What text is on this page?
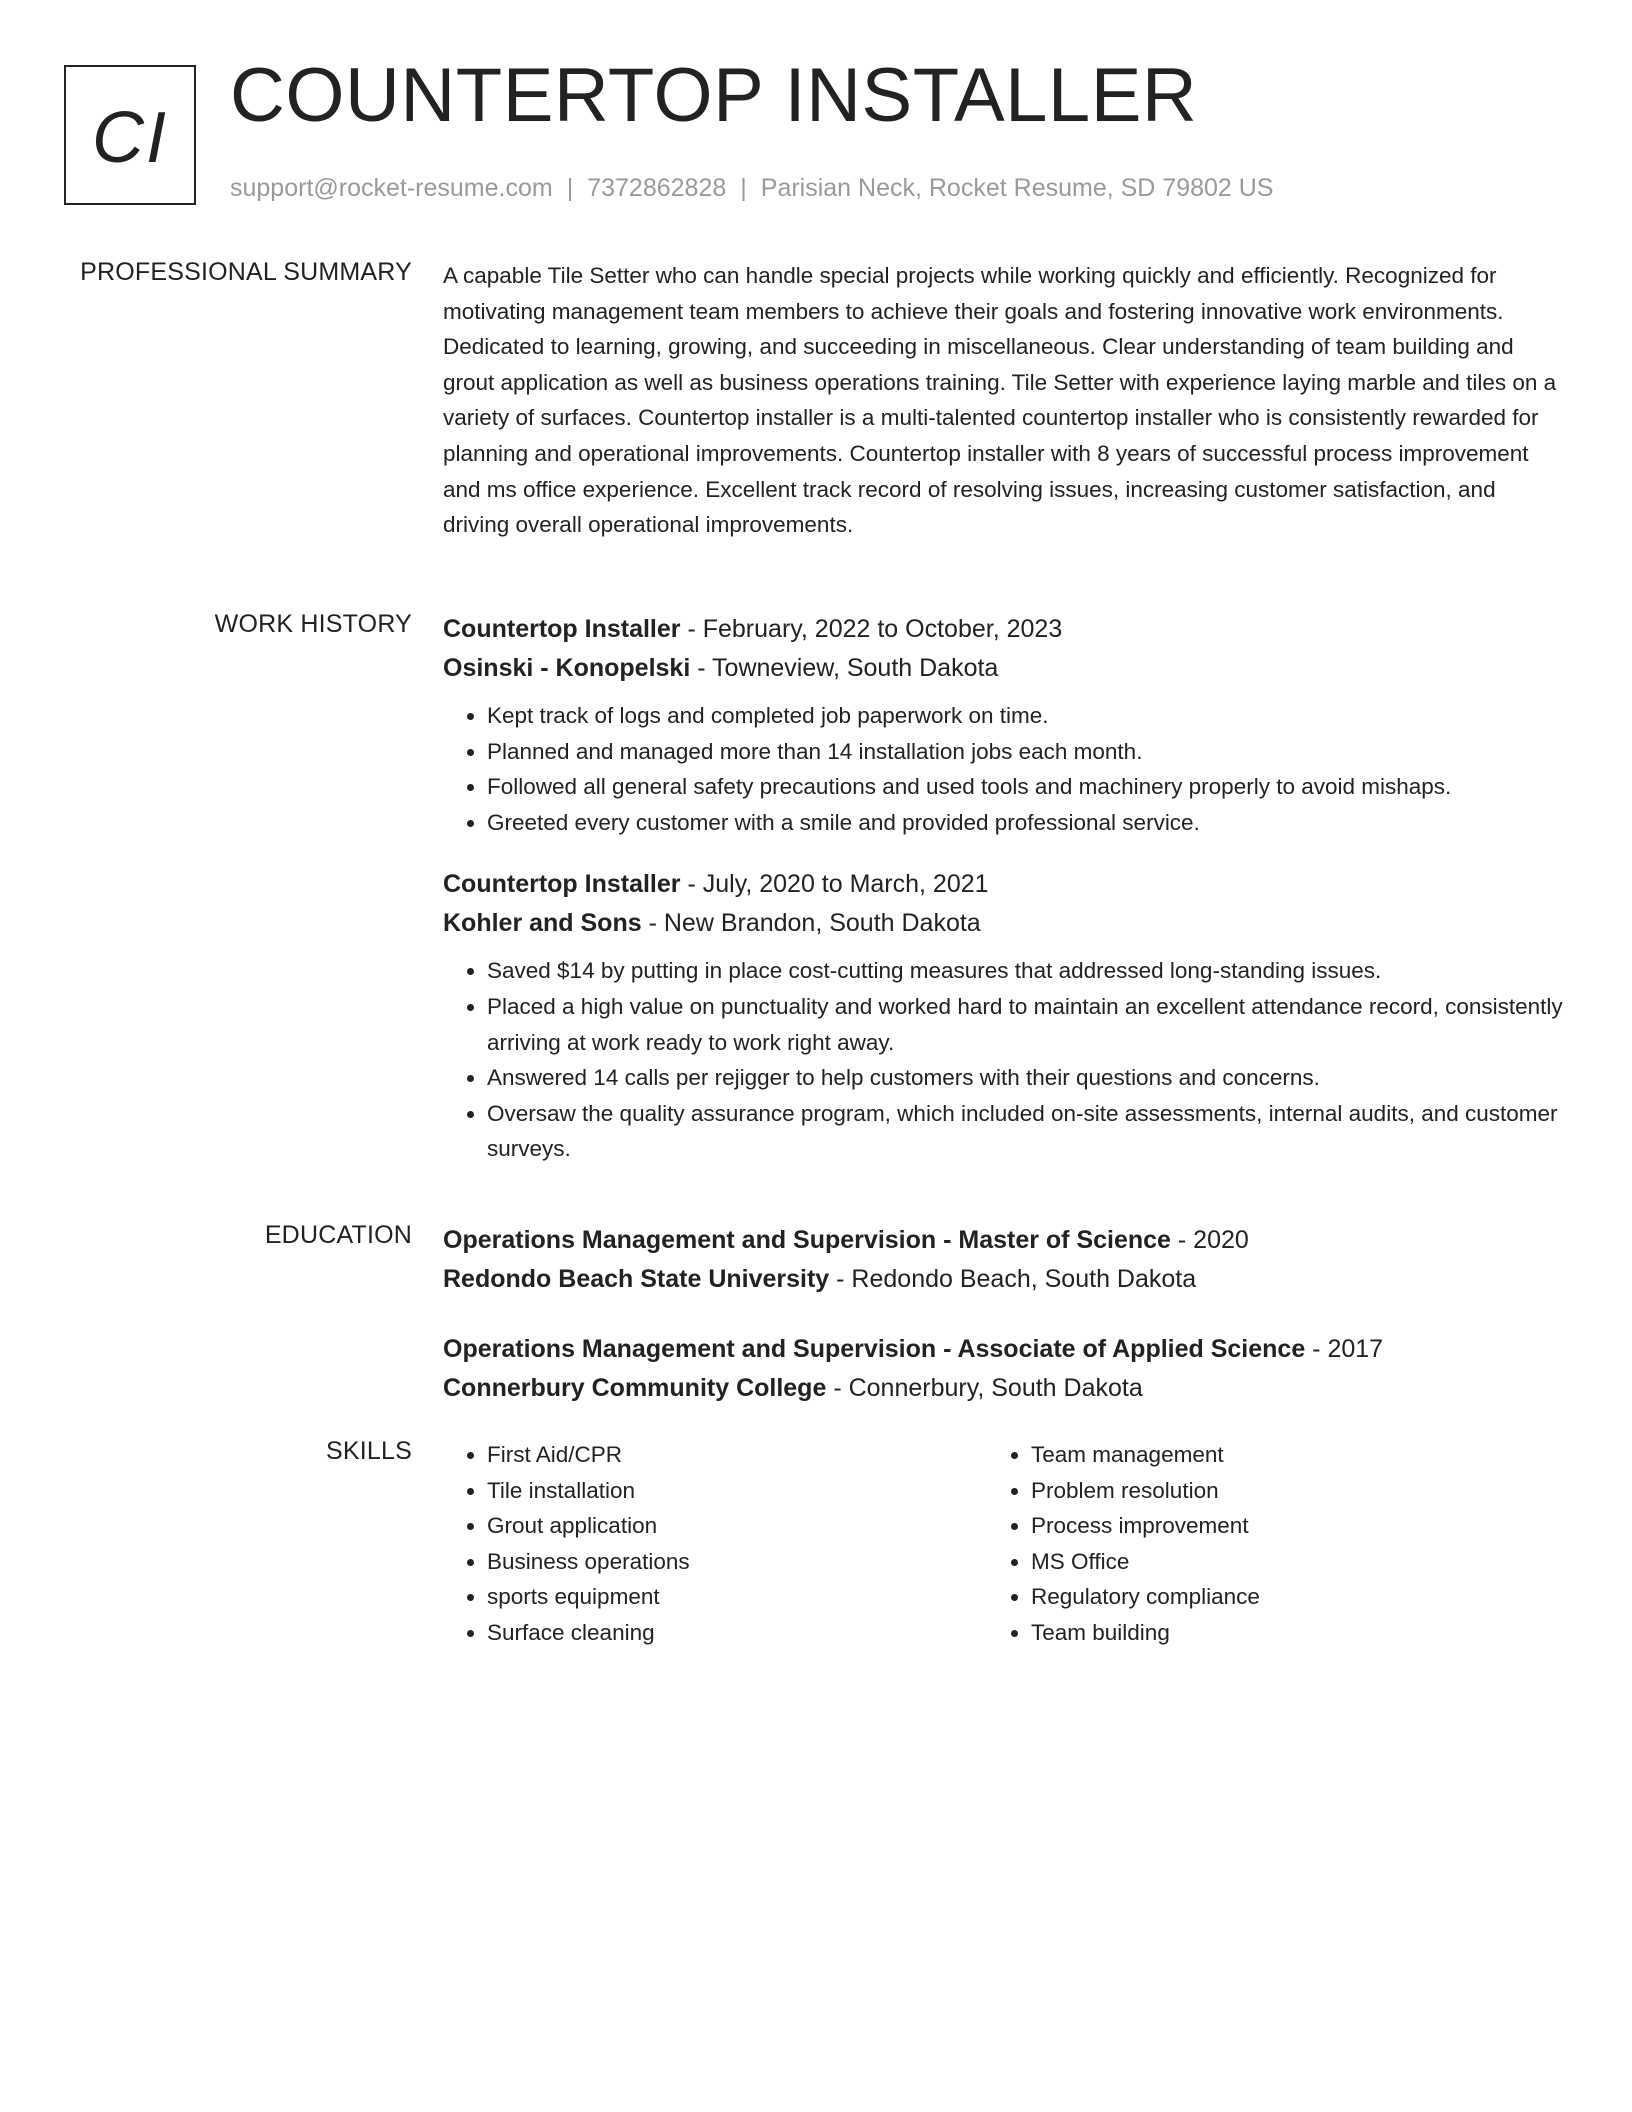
CI COUNTERTOP INSTALLER
support@rocket-resume.com | 7372862828 | Parisian Neck, Rocket Resume, SD 79802 US
PROFESSIONAL SUMMARY A capable Tile Setter who can handle special projects while working quickly and efficiently. Recognized for motivating management team members to achieve their goals and fostering innovative work environments. Dedicated to learning, growing, and succeeding in miscellaneous. Clear understanding of team building and grout application as well as business operations training. Tile Setter with experience laying marble and tiles on a variety of surfaces. Countertop installer is a multi-talented countertop installer who is consistently rewarded for planning and operational improvements. Countertop installer with 8 years of successful process improvement and ms office experience. Excellent track record of resolving issues, increasing customer satisfaction, and driving overall operational improvements.

WORK HISTORY Countertop Installer - February, 2022 to October, 2023
Osinski - Konopelski - Towneview, South Dakota
• Kept track of logs and completed job paperwork on time.
• Planned and managed more than 14 installation jobs each month.
• Followed all general safety precautions and used tools and machinery properly to avoid mishaps.
• Greeted every customer with a smile and provided professional service.
Countertop Installer - July, 2020 to March, 2021
Kohler and Sons - New Brandon, South Dakota
• Saved $14 by putting in place cost-cutting measures that addressed long-standing issues.
• Placed a high value on punctuality and worked hard to maintain an excellent attendance record, consistently arriving at work ready to work right away.
• Answered 14 calls per rejigger to help customers with their questions and concerns.
• Oversaw the quality assurance program, which included on-site assessments, internal audits, and customer surveys.
EDUCATION Operations Management and Supervision - Master of Science - 2020
Redondo Beach State University - Redondo Beach, South Dakota
Operations Management and Supervision - Associate of Applied Science - 2017
Connerbury Community College - Connerbury, South Dakota
SKILLS
•	First Aid/CPR
• Tile installation
• Grout application
• Business operations
• sports equipment
• Surface cleaning
• Team management
• Problem resolution
• Process improvement
• MS Office
• Regulatory compliance
• Team building
